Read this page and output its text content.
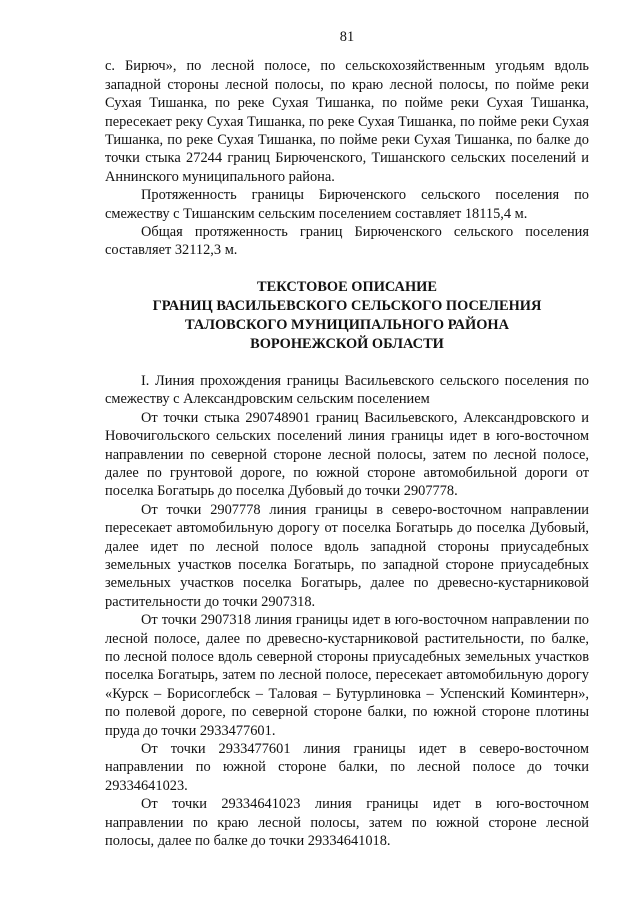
81

с. Бирюч», по лесной полосе, по сельскохозяйственным угодьям вдоль западной стороны лесной полосы, по краю лесной полосы, по пойме реки Сухая Тишанка, по реке Сухая Тишанка, по пойме реки Сухая Тишанка, пересекает реку Сухая Тишанка, по реке Сухая Тишанка, по пойме реки Сухая Тишанка, по реке Сухая Тишанка, по пойме реки Сухая Тишанка, по балке до точки стыка 27244 границ Бирюченского, Тишанского сельских поселений и Аннинского муниципального района.

Протяженность границы Бирюченского сельского поселения по смежеству с Тишанским сельским поселением составляет 18115,4 м.

Общая протяженность границ Бирюченского сельского поселения составляет 32112,3 м.

ТЕКСТОВОЕ ОПИСАНИЕ
ГРАНИЦ ВАСИЛЬЕВСКОГО СЕЛЬСКОГО ПОСЕЛЕНИЯ
ТАЛОВСКОГО МУНИЦИПАЛЬНОГО РАЙОНА
ВОРОНЕЖСКОЙ ОБЛАСТИ

I. Линия прохождения границы Васильевского сельского поселения по смежеству с Александровским сельским поселением

От точки стыка 290748901 границ Васильевского, Александровского и Новочигольского сельских поселений линия границы идет в юго-восточном направлении по северной стороне лесной полосы, затем по лесной полосе, далее по грунтовой дороге, по южной стороне автомобильной дороги от поселка Богатырь до поселка Дубовый до точки 2907778.

От точки 2907778 линия границы в северо-восточном направлении пересекает автомобильную дорогу от поселка Богатырь до поселка Дубовый, далее идет по лесной полосе вдоль западной стороны приусадебных земельных участков поселка Богатырь, по западной стороне приусадебных земельных участков поселка Богатырь, далее по древесно-кустарниковой растительности до точки 2907318.

От точки 2907318 линия границы идет в юго-восточном направлении по лесной полосе, далее по древесно-кустарниковой растительности, по балке, по лесной полосе вдоль северной стороны приусадебных земельных участков поселка Богатырь, затем по лесной полосе, пересекает автомобильную дорогу «Курск – Борисоглебск – Таловая – Бутурлиновка – Успенский Коминтерн», по полевой дороге, по северной стороне балки, по южной стороне плотины пруда до точки 2933477601.

От точки 2933477601 линия границы идет в северо-восточном направлении по южной стороне балки, по лесной полосе до точки 29334641023.

От точки 29334641023 линия границы идет в юго-восточном направлении по краю лесной полосы, затем по южной стороне лесной полосы, далее по балке до точки 29334641018.
